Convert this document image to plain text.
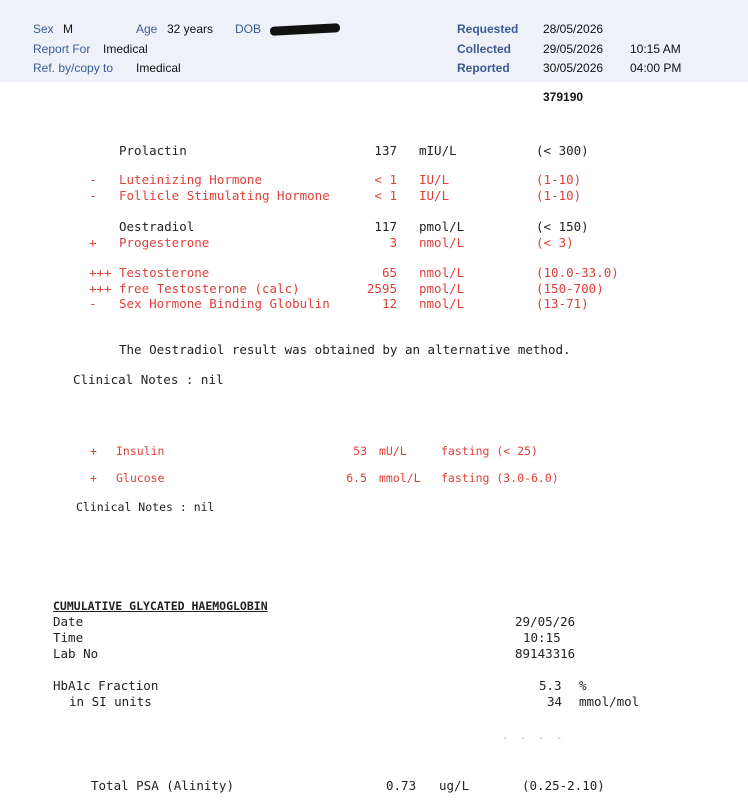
Sex M	Age 32 years DOB
Report For Imedical
Ref. by/copy to Imedical
Requested 28/05/2026
Collected	29/05/2026 10:15 AM
Reported	30/05/2026 04:00 PM
379190
Prolactin	137 mIU/L	(< 300)
- Luteinizing Hormone	< 1 IU/L	(1-10)
- Follicle Stimulating Hormone	< 1 IU/L	(1-10)
Oestradiol	117 pmol/L	(< 150)
+ Progesterone	3 nmol/L	(< 3)
+++ Testosterone	65 nmol/L	(10.0-33.0)
+++ free Testosterone (calc)	2595 pmol/L	(150-700)
- Sex Hormone Binding Globulin	12 nmol/L	(13-71)
The Oestradiol result was obtained by an alternative method.
Clinical Notes : nil
+ Insulin	53 mU/L	fasting (< 25)
+ Glucose	6.5 mmol/L fasting (3.0-6.0)
Clinical Notes : nil
CUMULATIVE GLYCATED HAEMOGLOBIN
Date	29/05/26
Time	10:15
Lab No	89143316
HbA1c Fraction	5.3 %
in SI units	34 mmol/mol
- - - -
Total PSA (Alinity)	0.73 ug/L	(0.25-2.10)
